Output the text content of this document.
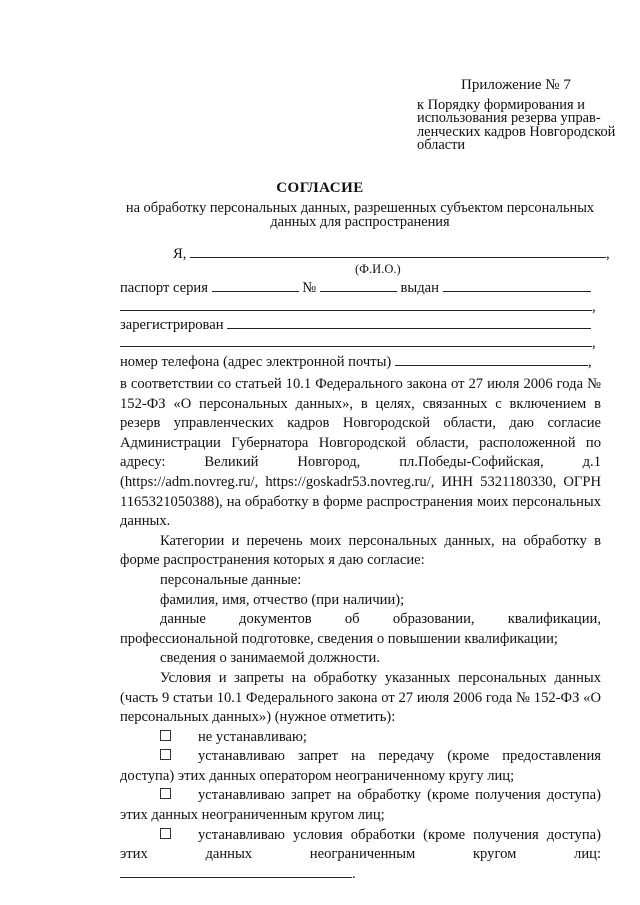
Приложение № 7
к Порядку формирования и использования резерва управ-ленческих кадров Новгородской области
СОГЛАСИЕ
на обработку персональных данных, разрешенных субъектом персональных данных для распространения
Я,	,
(Ф.И.О.)
паспорт серия	№	выдан
,
зарегистрирован
,
номер телефона (адрес электронной почты)	,

в соответствии со статьей 10.1 Федерального закона от 27 июля 2006 года № 152-ФЗ «О персональных данных», в целях, связанных с включением в резерв управленческих кадров Новгородской области, даю согласие Администрации Губернатора Новгородской области, расположенной по адресу: Великий Новгород, пл.Победы-Софийская, д.1 (https://adm.novreg.ru/, https://goskadr53.novreg.ru/, ИНН 5321180330, ОГРН 1165321050388), на обработку в форме распространения моих персональных данных.

Категории и перечень моих персональных данных, на обработку в форме распространения которых я даю согласие:

персональные данные:

фамилия, имя, отчество (при наличии);

данные документов об образовании, квалификации, профессиональной подготовке, сведения о повышении квалификации;

сведения о занимаемой должности.

Условия и запреты на обработку указанных персональных данных (часть 9 статьи 10.1 Федерального закона от 27 июля 2006 года № 152-ФЗ «О персональных данных») (нужное отметить):

не устанавливаю;

устанавливаю запрет на передачу (кроме предоставления доступа) этих данных оператором неограниченному кругу лиц;

устанавливаю запрет на обработку (кроме получения доступа) этих данных неограниченным кругом лиц;

устанавливаю условия обработки (кроме получения доступа) этих данных неограниченным кругом лиц: .
